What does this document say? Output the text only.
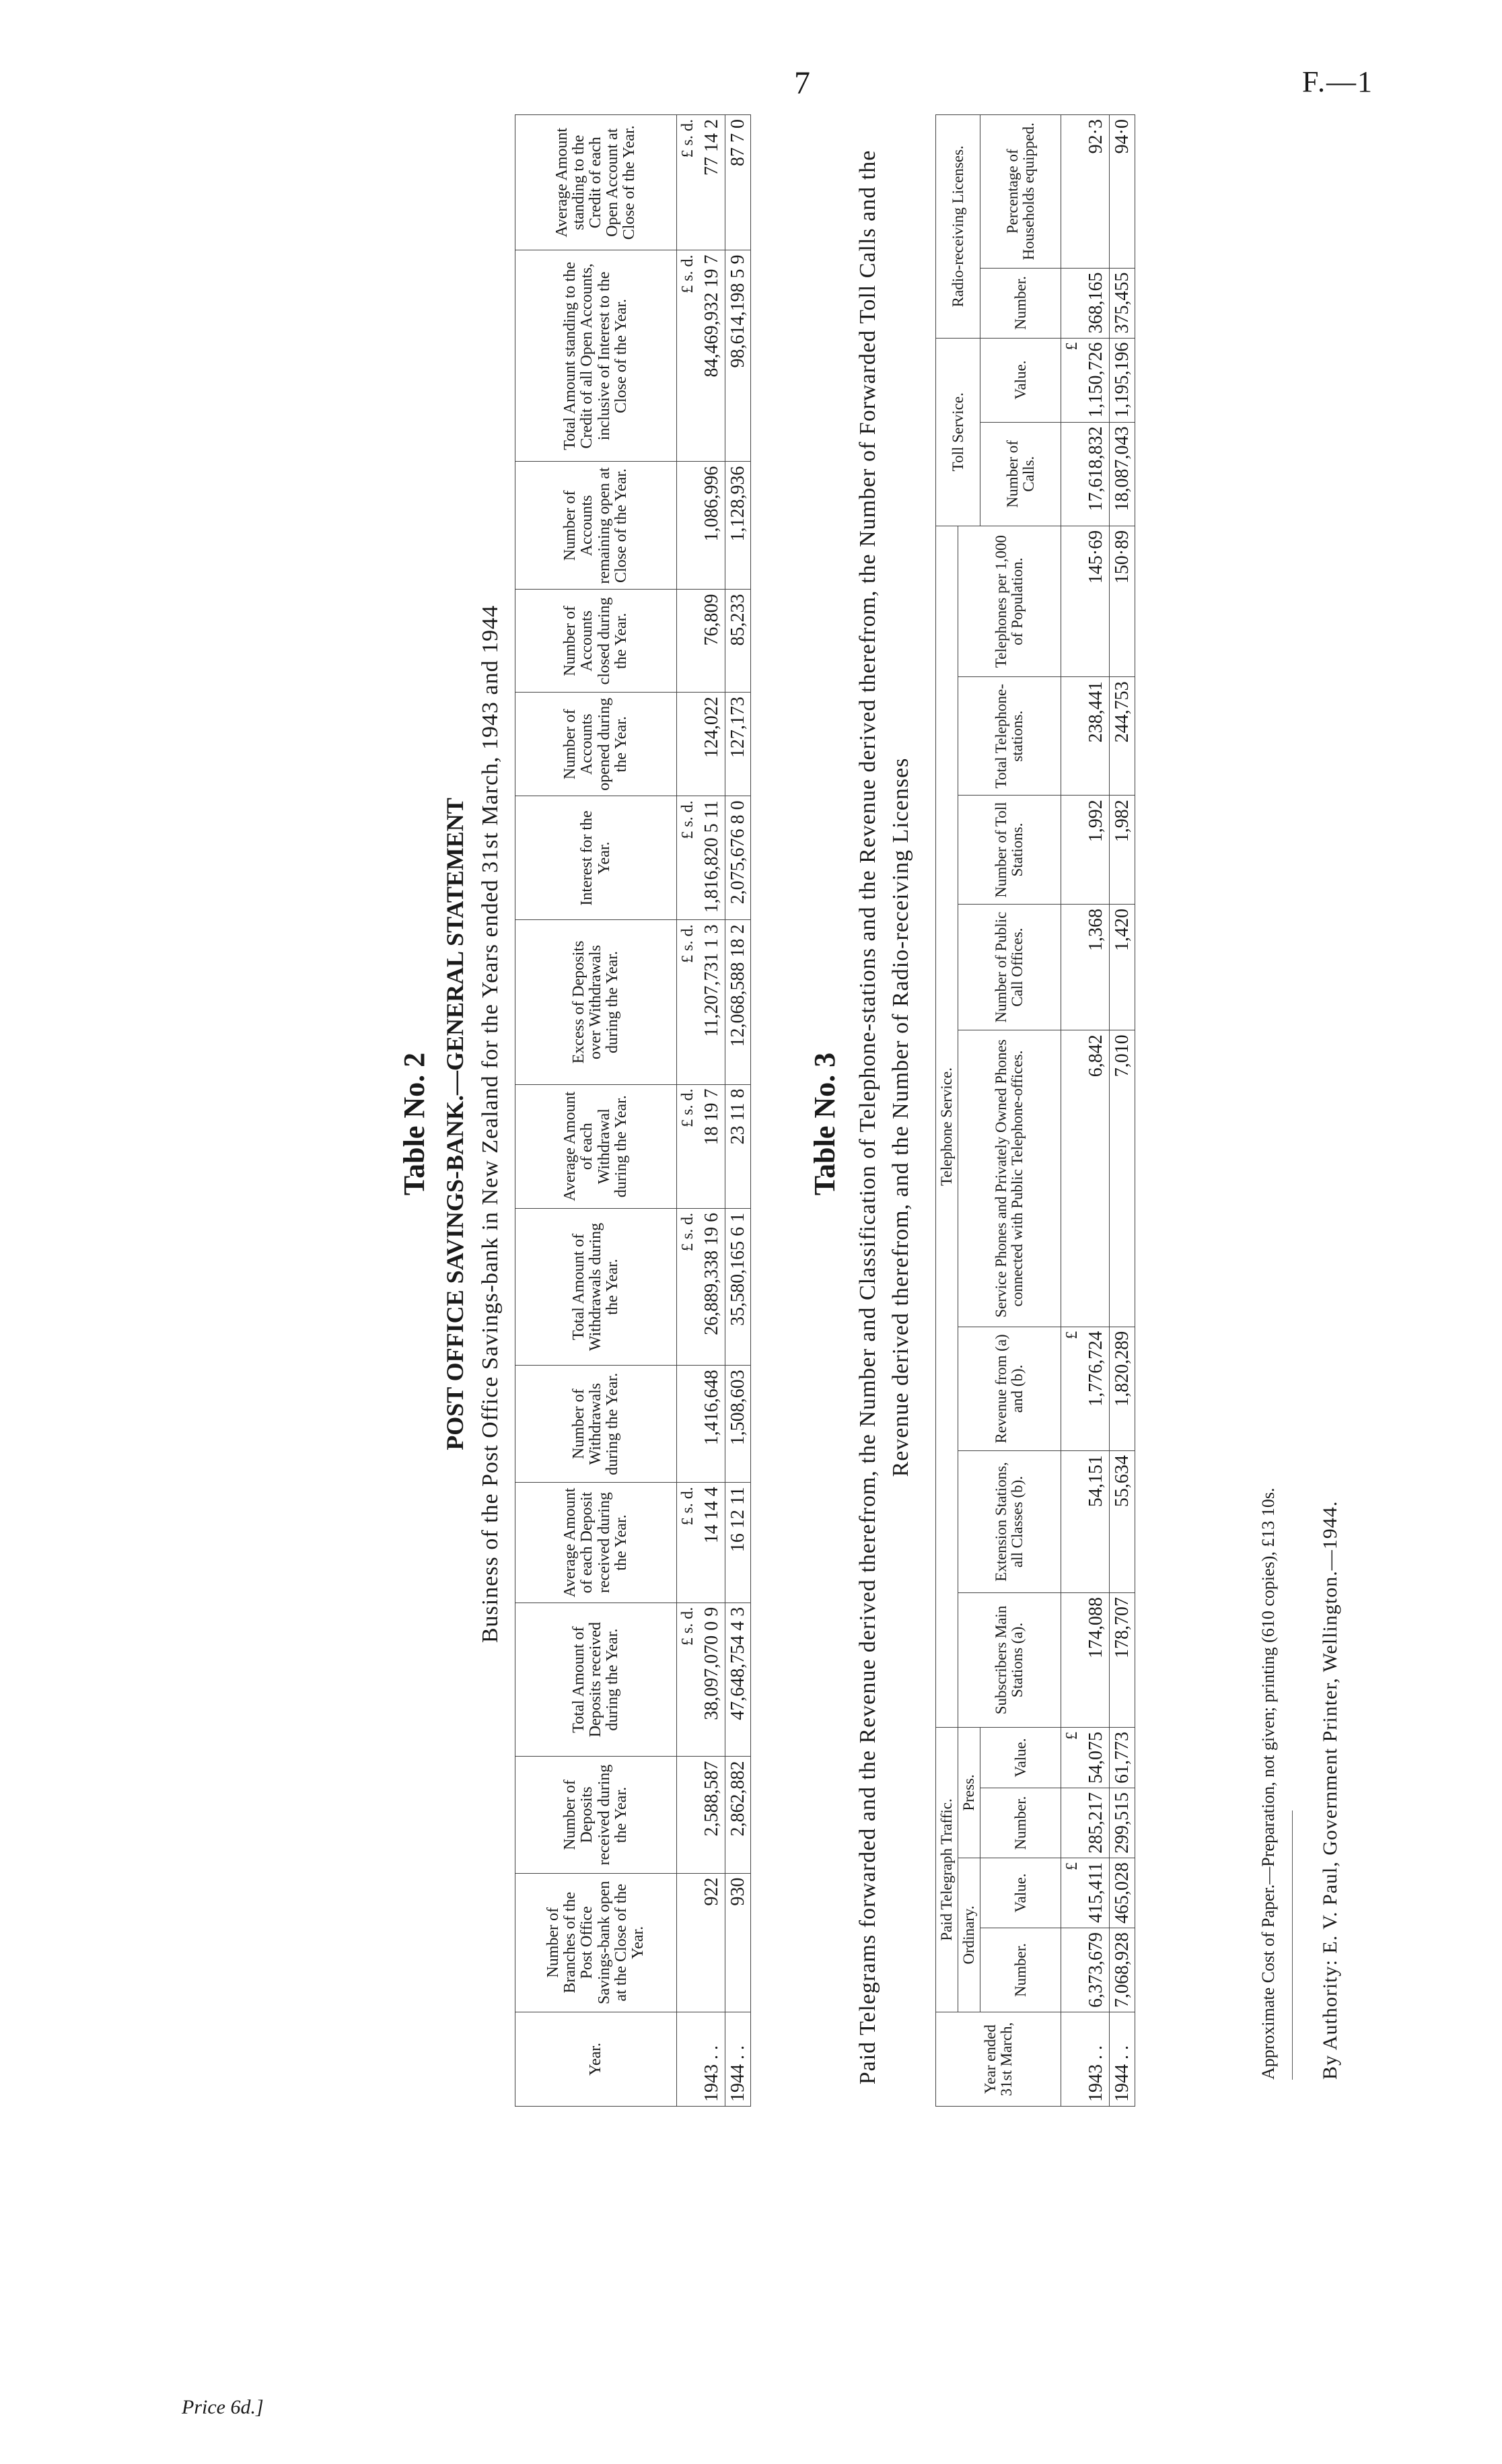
7	F.—1
Table No. 2 POST OFFICE SAVINGS-BANK.—GENERAL STATEMENT Business of the Post Office Savings-bank in New Zealand for the Years ended 31st March, 1943 and 1944
Year.	Number of Branches of the Post Office Savings-bank open at the Close of the Year.	Number of Deposits received during the Year.	Total Amount of Deposits received during the Year.	Average Amount of each Deposit received during the Year.	Number of Withdrawals during the Year.	Total Amount of Withdrawals during the Year.	Average Amount of each Withdrawal during the Year.	Excess of Deposits over Withdrawals during the Year.	Interest for the Year.	Number of Accounts opened during the Year.	Number of Accounts closed during the Year.	Number of Accounts remaining open at Close of the Year.	Total Amount standing to the Credit of all Open Accounts, inclusive of Interest to the Close of the Year.	Average Amount standing to the Credit of each Open Account at Close of the Year.
			£ s. d.	£ s. d.		£ s. d.	£ s. d.	£ s. d.	£ s. d.				£ s. d.	£ s. d.
1943 . .	922	2,588,587	38,097,070 0 9	14 14 4	1,416,648	26,889,338 19 6	18 19 7	11,207,731 1 3	1,816,820 5 11	124,022	76,809	1,086,996	84,469,932 19 7	77 14 2
1944 . .	930	2,862,882	47,648,754 4 3	16 12 11	1,508,603	35,580,165 6 1	23 11 8	12,068,588 18 2	2,075,676 8 0	127,173	85,233	1,128,936	98,614,198 5 9	87 7 0
Table No. 3 Paid Telegrams forwarded and the Revenue derived therefrom, the Number and Classification of Telephone-stations and the Revenue derived therefrom, the Number of Forwarded Toll Calls and the Revenue derived therefrom, and the Number of Radio-receiving Licenses
Year ended 31st March,	Paid Telegraph Traffic.				Telephone Service.								Toll Service.		Radio-receiving Licenses.	
	Ordinary.		Press.		Subscribers Main Stations (a).	Extension Stations, all Classes (b).	Revenue from (a) and (b).	Service Phones and Privately Owned Phones connected with Public Telephone-offices.	Number of Public Call Offices.	Number of Toll Stations.	Total Telephone-stations.	Telephones per 1,000 of Population.				
	Number.	Value.	Number.	Value.									Number of Calls.	Value.	Number.	Percentage of Households equipped.
		£		£			£							£		
1943 . .	6,373,679	415,411	285,217	54,075	174,088	54,151	1,776,724	6,842	1,368	1,992	238,441	145·69	17,618,832	1,150,726	368,165	92·3
1944 . .	7,068,928	465,028	299,515	61,773	178,707	55,634	1,820,289	7,010	1,420	1,982	244,753	150·89	18,087,043	1,195,196	375,455	94·0
Approximate Cost of Paper.—Preparation, not given; printing (610 copies), £13 10s. By Authority: E. V. Paul, Government Printer, Wellington.—1944.
Price 6d.]
